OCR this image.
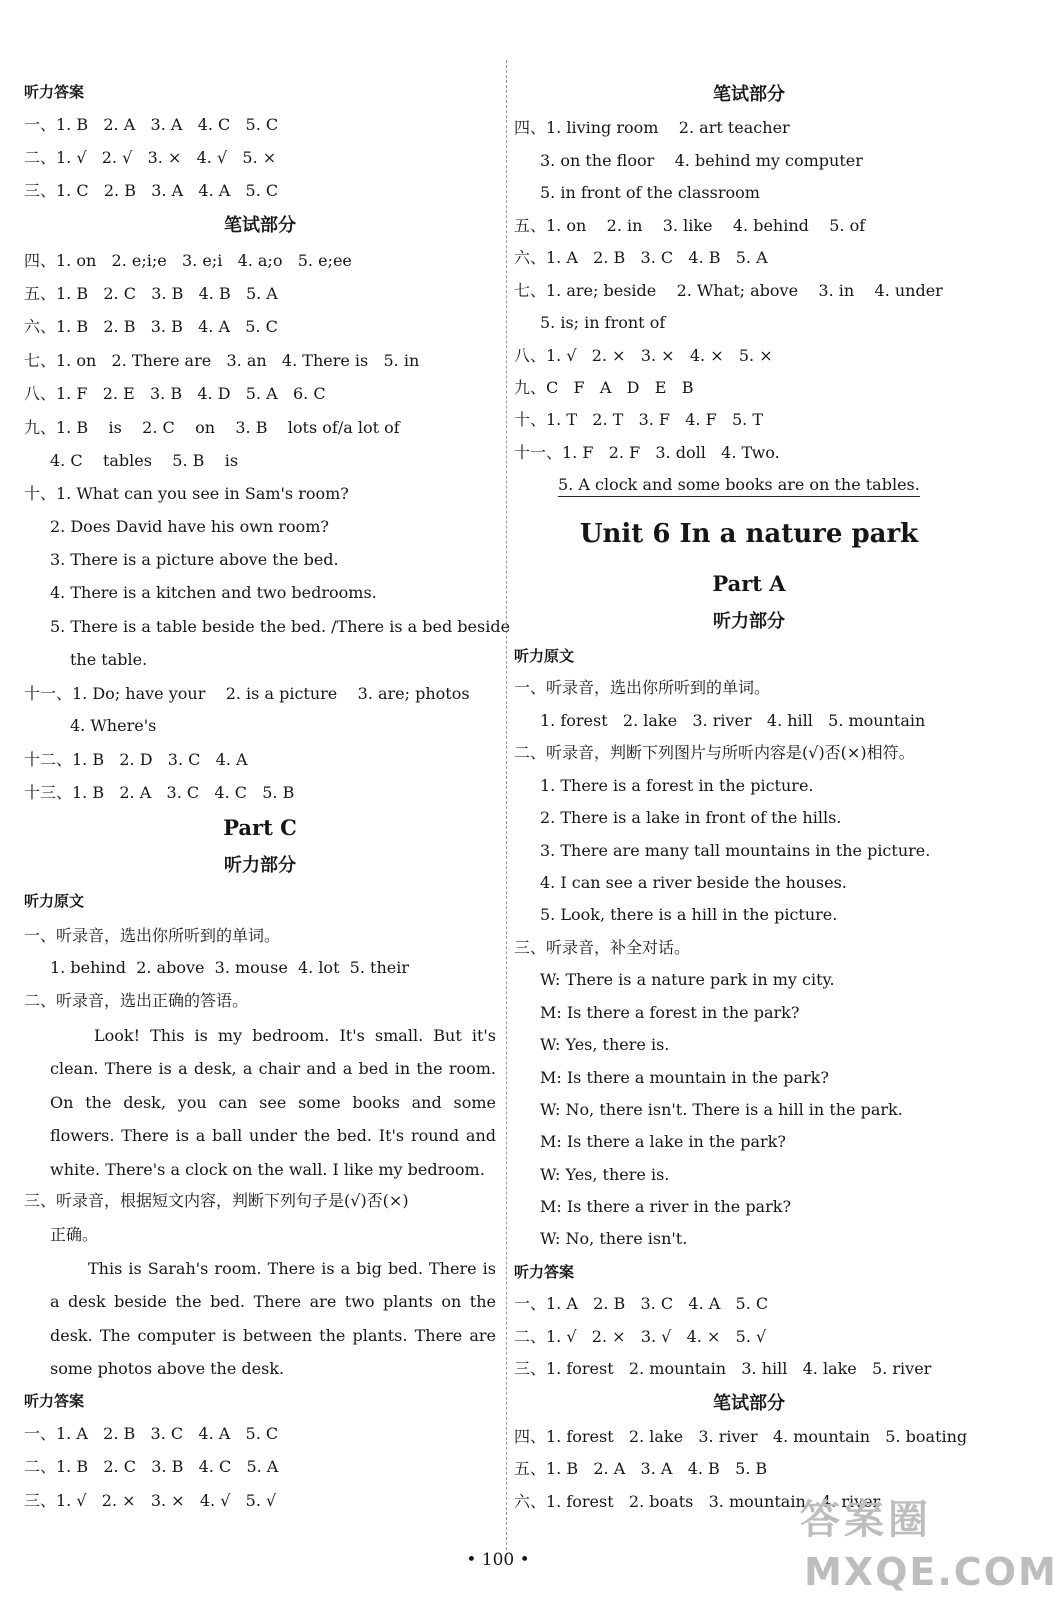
听力答案
一、1. B   2. A   3. A   4. C   5. C
二、1. √   2. √   3. ×   4. √   5. ×
三、1. C   2. B   3. A   4. A   5. C
笔试部分
四、1. on   2. e;i;e   3. e;i   4. a;o   5. e;ee
五、1. B   2. C   3. B   4. B   5. A
六、1. B   2. B   3. B   4. A   5. C
七、1. on   2. There are   3. an   4. There is   5. in
八、1. F   2. E   3. B   4. D   5. A   6. C
九、1. B    is    2. C    on    3. B    lots of/a lot of
4. C    tables    5. B    is
十、1. What can you see in Sam's room?
2. Does David have his own room?
3. There is a picture above the bed.
4. There is a kitchen and two bedrooms.
5. There is a table beside the bed. /There is a bed beside
the table.
十一、1. Do; have your    2. is a picture    3. are; photos
4. Where's
十二、1. B   2. D   3. C   4. A
十三、1. B   2. A   3. C   4. C   5. B
Part C
听力部分
听力原文
一、听录音，选出你所听到的单词。
1. behind  2. above  3. mouse  4. lot  5. their
二、听录音，选出正确的答语。

Look! This is my bedroom. It's small. But it's clean. There is a desk, a chair and a bed in the room. On the desk, you can see some books and some flowers. There is a ball under the bed. It's round and white. There's a clock on the wall. I like my bedroom.

三、听录音，根据短文内容，判断下列句子是(√)否(×)
正确。

This is Sarah's room. There is a big bed. There is a desk beside the bed. There are two plants on the desk. The computer is between the plants. There are some photos above the desk.

听力答案
一、1. A   2. B   3. C   4. A   5. C
二、1. B   2. C   3. B   4. C   5. A
三、1. √   2. ×   3. ×   4. √   5. √
笔试部分
四、1. living room    2. art teacher
3. on the floor    4. behind my computer
5. in front of the classroom
五、1. on    2. in    3. like    4. behind    5. of
六、1. A   2. B   3. C   4. B   5. A
七、1. are; beside    2. What; above    3. in    4. under
5. is; in front of
八、1. √   2. ×   3. ×   4. ×   5. ×
九、C   F   A   D   E   B
十、1. T   2. T   3. F   4. F   5. T
十一、1. F   2. F   3. doll   4. Two.
5. A clock and some books are on the tables.
Unit 6 In a nature park
Part A
听力部分
听力原文
一、听录音，选出你所听到的单词。
1. forest   2. lake   3. river   4. hill   5. mountain
二、听录音，判断下列图片与所听内容是(√)否(×)相符。
1. There is a forest in the picture.
2. There is a lake in front of the hills.
3. There are many tall mountains in the picture.
4. I can see a river beside the houses.
5. Look, there is a hill in the picture.
三、听录音，补全对话。
W: There is a nature park in my city.
M: Is there a forest in the park?
W: Yes, there is.
M: Is there a mountain in the park?
W: No, there isn't. There is a hill in the park.
M: Is there a lake in the park?
W: Yes, there is.
M: Is there a river in the park?
W: No, there isn't.
听力答案
一、1. A   2. B   3. C   4. A   5. C
二、1. √   2. ×   3. √   4. ×   5. √
三、1. forest   2. mountain   3. hill   4. lake   5. river
笔试部分
四、1. forest   2. lake   3. river   4. mountain   5. boating
五、1. B   2. A   3. A   4. B   5. B
六、1. forest   2. boats   3. mountain   4. river
• 100 •
答案圈
MXQE.COM
